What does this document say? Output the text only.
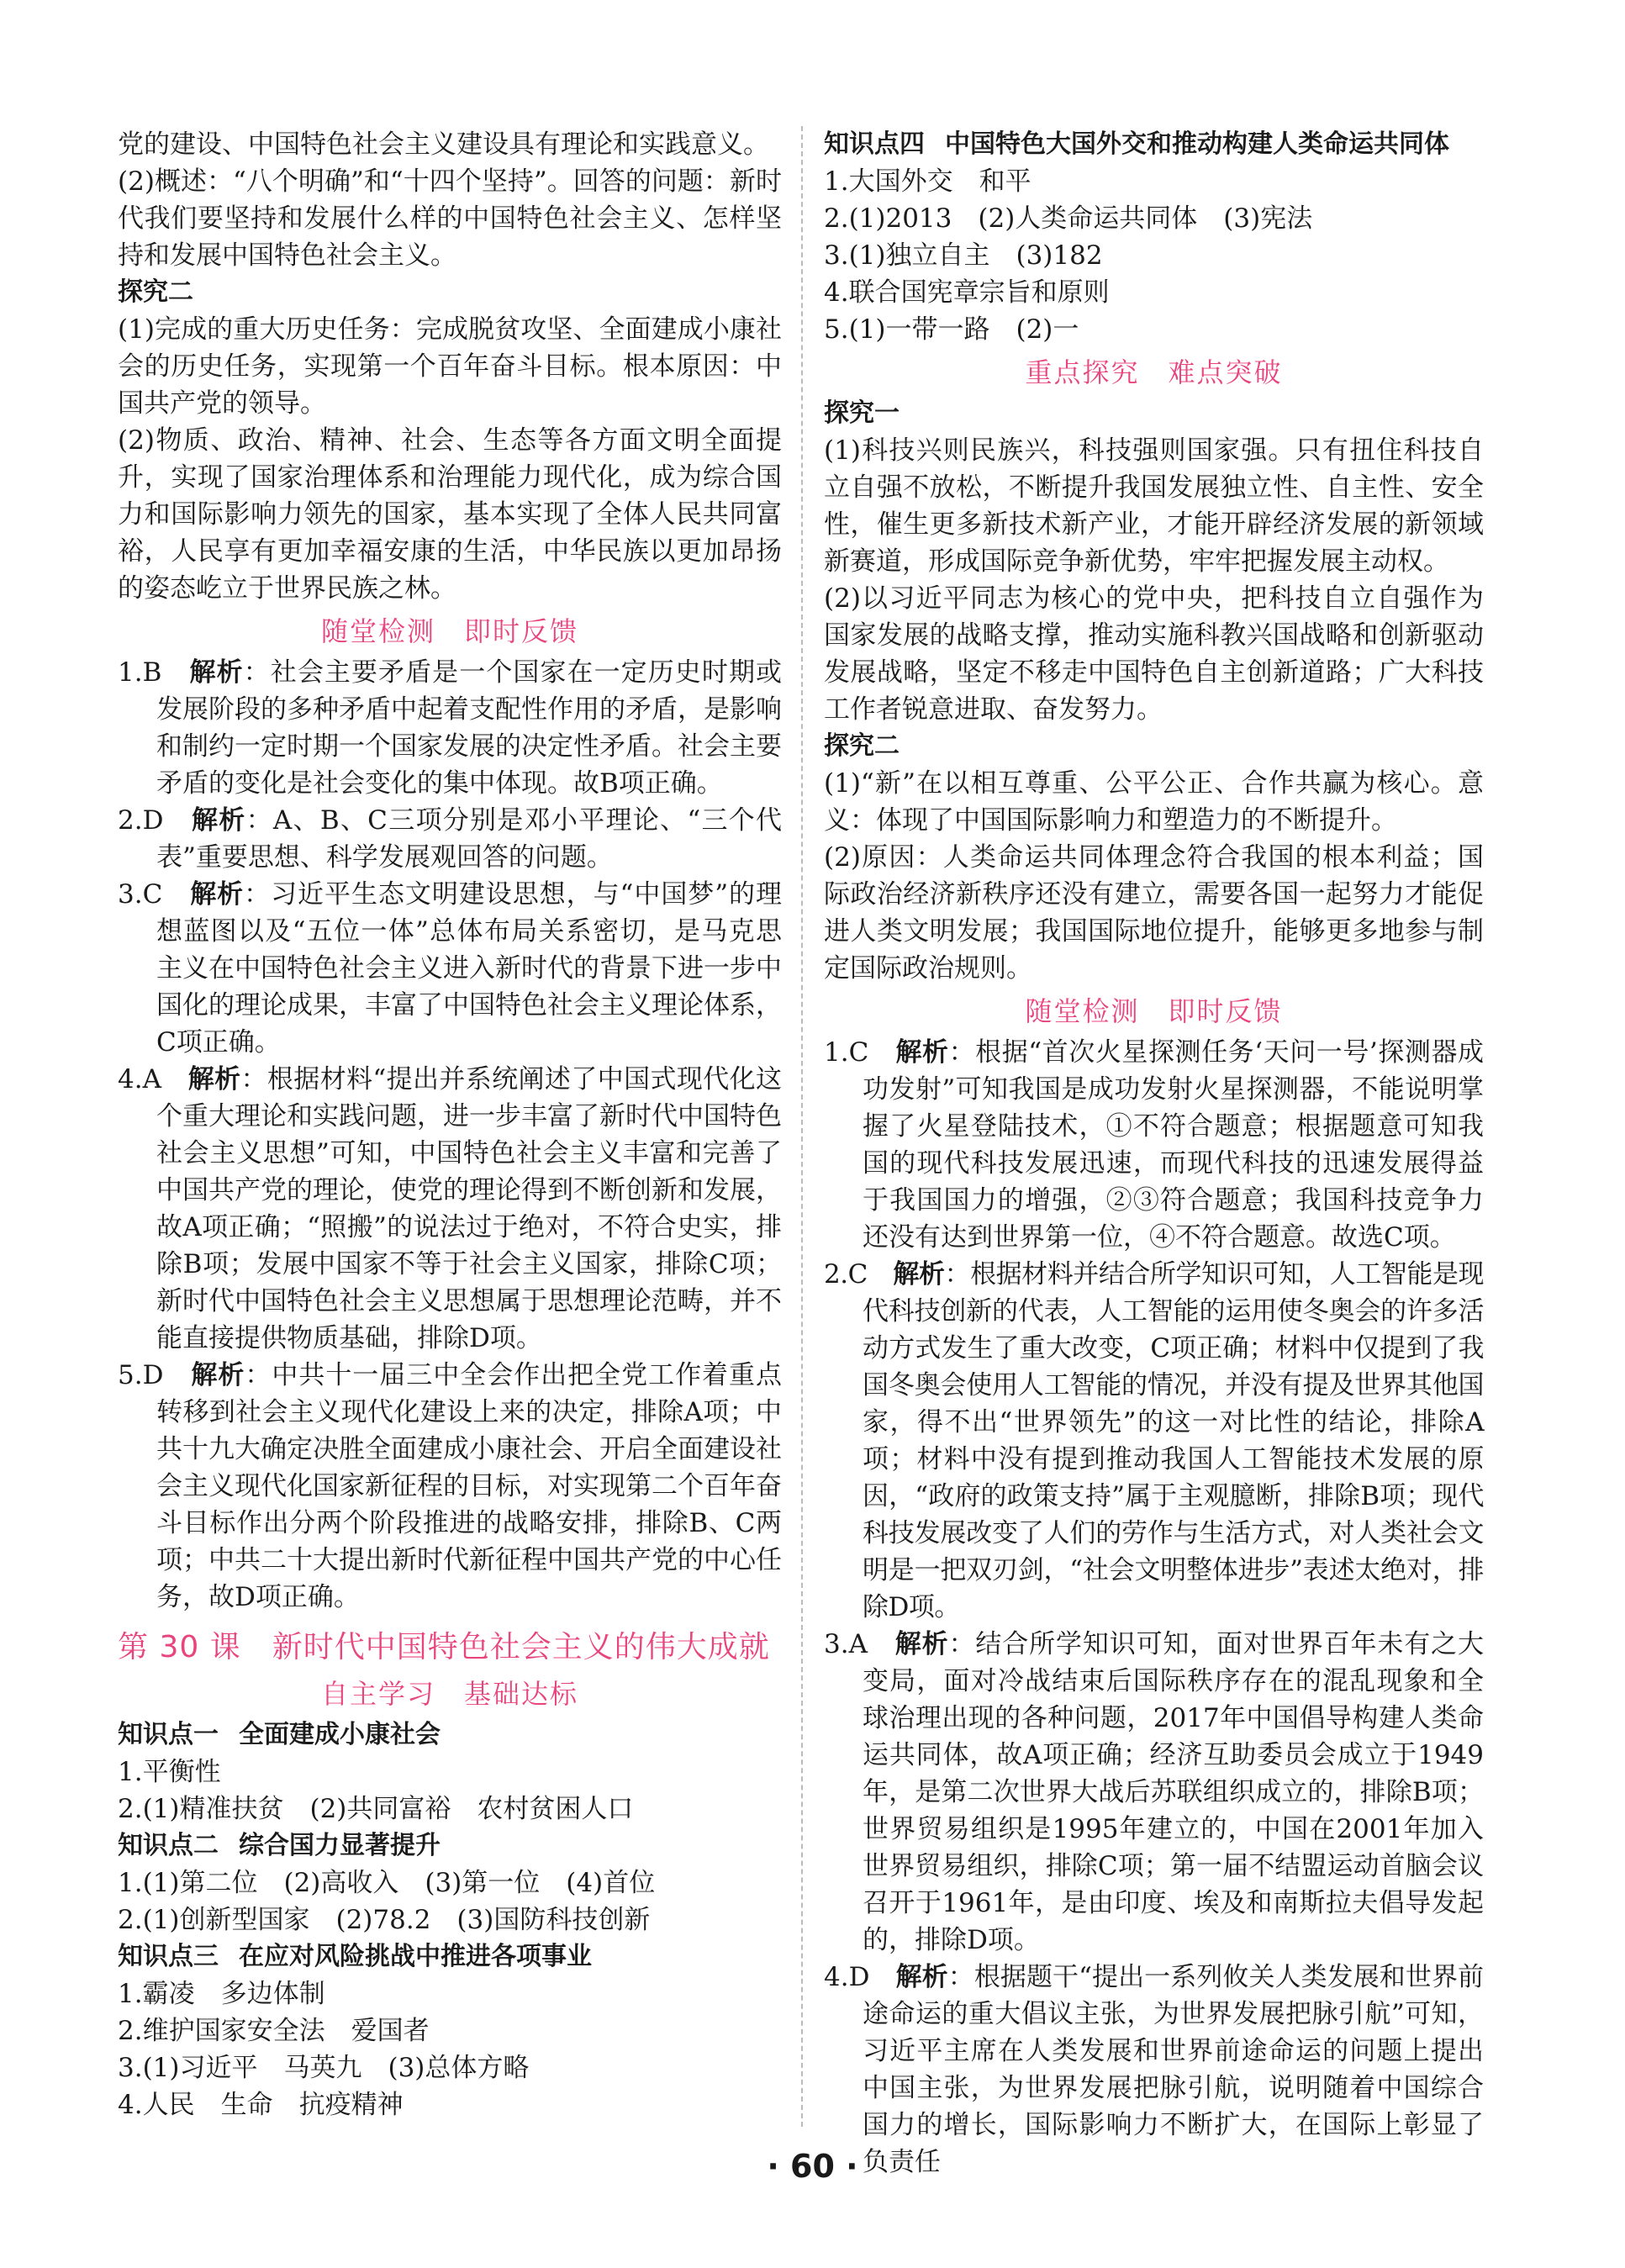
党的建设、中国特色社会主义建设具有理论和实践意义。

(2)概述：“八个明确”和“十四个坚持”。回答的问题：新时代我们要坚持和发展什么样的中国特色社会主义、怎样坚持和发展中国特色社会主义。

探究二

(1)完成的重大历史任务：完成脱贫攻坚、全面建成小康社会的历史任务，实现第一个百年奋斗目标。根本原因：中国共产党的领导。

(2)物质、政治、精神、社会、生态等各方面文明全面提升，实现了国家治理体系和治理能力现代化，成为综合国力和国际影响力领先的国家，基本实现了全体人民共同富裕，人民享有更加幸福安康的生活，中华民族以更加昂扬的姿态屹立于世界民族之林。

随堂检测　即时反馈

1.B　 解析：社会主要矛盾是一个国家在一定历史时期或发展阶段的多种矛盾中起着支配性作用的矛盾，是影响和制约一定时期一个国家发展的决定性矛盾。社会主要矛盾的变化是社会变化的集中体现。故B项正确。

2.D　 解析：A、B、C三项分别是邓小平理论、“三个代表”重要思想、科学发展观回答的问题。

3.C　 解析：习近平生态文明建设思想，与“中国梦”的理想蓝图以及“五位一体”总体布局关系密切，是马克思主义在中国特色社会主义进入新时代的背景下进一步中国化的理论成果，丰富了中国特色社会主义理论体系，C项正确。

4.A　 解析：根据材料“提出并系统阐述了中国式现代化这个重大理论和实践问题，进一步丰富了新时代中国特色社会主义思想”可知，中国特色社会主义丰富和完善了中国共产党的理论，使党的理论得到不断创新和发展，故A项正确；“照搬”的说法过于绝对，不符合史实，排除B项；发展中国家不等于社会主义国家，排除C项；新时代中国特色社会主义思想属于思想理论范畴，并不能直接提供物质基础，排除D项。

5.D　 解析：中共十一届三中全会作出把全党工作着重点转移到社会主义现代化建设上来的决定，排除A项；中共十九大确定决胜全面建成小康社会、开启全面建设社会主义现代化国家新征程的目标，对实现第二个百年奋斗目标作出分两个阶段推进的战略安排，排除B、C两项；中共二十大提出新时代新征程中国共产党的中心任务，故D项正确。

第 30 课　新时代中国特色社会主义的伟大成就
自主学习　基础达标
知识点一 全面建成小康社会

1.平衡性

2.(1)精准扶贫　(2)共同富裕　农村贫困人口

知识点二 综合国力显著提升

1.(1)第二位　(2)高收入　(3)第一位　(4)首位

2.(1)创新型国家　(2)78.2　(3)国防科技创新

知识点三 在应对风险挑战中推进各项事业

1.霸凌　多边体制

2.维护国家安全法　爱国者

3.(1)习近平　马英九　(3)总体方略

4.人民　生命　抗疫精神

知识点四 中国特色大国外交和推动构建人类命运共同体

1.大国外交　和平

2.(1)2013　(2)人类命运共同体　(3)宪法

3.(1)独立自主　(3)182

4.联合国宪章宗旨和原则

5.(1)一带一路　(2)一

重点探究　难点突破

探究一

(1)科技兴则民族兴，科技强则国家强。只有扭住科技自立自强不放松，不断提升我国发展独立性、自主性、安全性，催生更多新技术新产业，才能开辟经济发展的新领域新赛道，形成国际竞争新优势，牢牢把握发展主动权。

(2)以习近平同志为核心的党中央，把科技自立自强作为国家发展的战略支撑，推动实施科教兴国战略和创新驱动发展战略，坚定不移走中国特色自主创新道路；广大科技工作者锐意进取、奋发努力。

探究二

(1)“新”在以相互尊重、公平公正、合作共赢为核心。意义：体现了中国国际影响力和塑造力的不断提升。

(2)原因：人类命运共同体理念符合我国的根本利益；国际政治经济新秩序还没有建立，需要各国一起努力才能促进人类文明发展；我国国际地位提升，能够更多地参与制定国际政治规则。

随堂检测　即时反馈

1.C　 解析：根据“首次火星探测任务‘天问一号’探测器成功发射”可知我国是成功发射火星探测器，不能说明掌握了火星登陆技术，①不符合题意；根据题意可知我国的现代科技发展迅速，而现代科技的迅速发展得益于我国国力的增强，②③符合题意；我国科技竞争力还没有达到世界第一位，④不符合题意。故选C项。

2.C　 解析：根据材料并结合所学知识可知，人工智能是现代科技创新的代表，人工智能的运用使冬奥会的许多活动方式发生了重大改变，C项正确；材料中仅提到了我国冬奥会使用人工智能的情况，并没有提及世界其他国家，得不出“世界领先”的这一对比性的结论，排除A项；材料中没有提到推动我国人工智能技术发展的原因，“政府的政策支持”属于主观臆断，排除B项；现代科技发展改变了人们的劳作与生活方式，对人类社会文明是一把双刃剑，“社会文明整体进步”表述太绝对，排除D项。

3.A　 解析：结合所学知识可知，面对世界百年未有之大变局，面对冷战结束后国际秩序存在的混乱现象和全球治理出现的各种问题，2017年中国倡导构建人类命运共同体，故A项正确；经济互助委员会成立于1949年，是第二次世界大战后苏联组织成立的，排除B项；世界贸易组织是1995年建立的，中国在2001年加入世界贸易组织，排除C项；第一届不结盟运动首脑会议召开于1961年，是由印度、埃及和南斯拉夫倡导发起的，排除D项。

4.D　 解析：根据题干“提出一系列攸关人类发展和世界前途命运的重大倡议主张，为世界发展把脉引航”可知，习近平主席在人类发展和世界前途命运的问题上提出中国主张，为世界发展把脉引航，说明随着中国综合国力的增长，国际影响力不断扩大，在国际上彰显了负责任

· 60 ·
